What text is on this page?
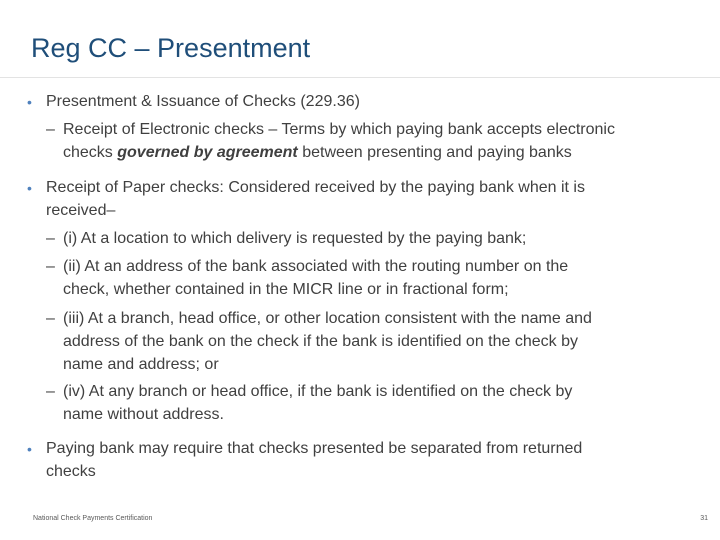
Reg CC – Presentment
• Presentment & Issuance of Checks (229.36)
– Receipt of Electronic checks – Terms by which paying bank accepts electronic
checks governed by agreement between presenting and paying banks
• Receipt of Paper checks: Considered received by the paying bank when it is
received–
– (i) At a location to which delivery is requested by the paying bank;
– (ii) At an address of the bank associated with the routing number on the
check, whether contained in the MICR line or in fractional form;
– (iii) At a branch, head office, or other location consistent with the name and
address of the bank on the check if the bank is identified on the check by
name and address; or
– (iv) At any branch or head office, if the bank is identified on the check by
name without address.
• Paying bank may require that checks presented be separated from returned
checks
National Check Payments Certification	31
